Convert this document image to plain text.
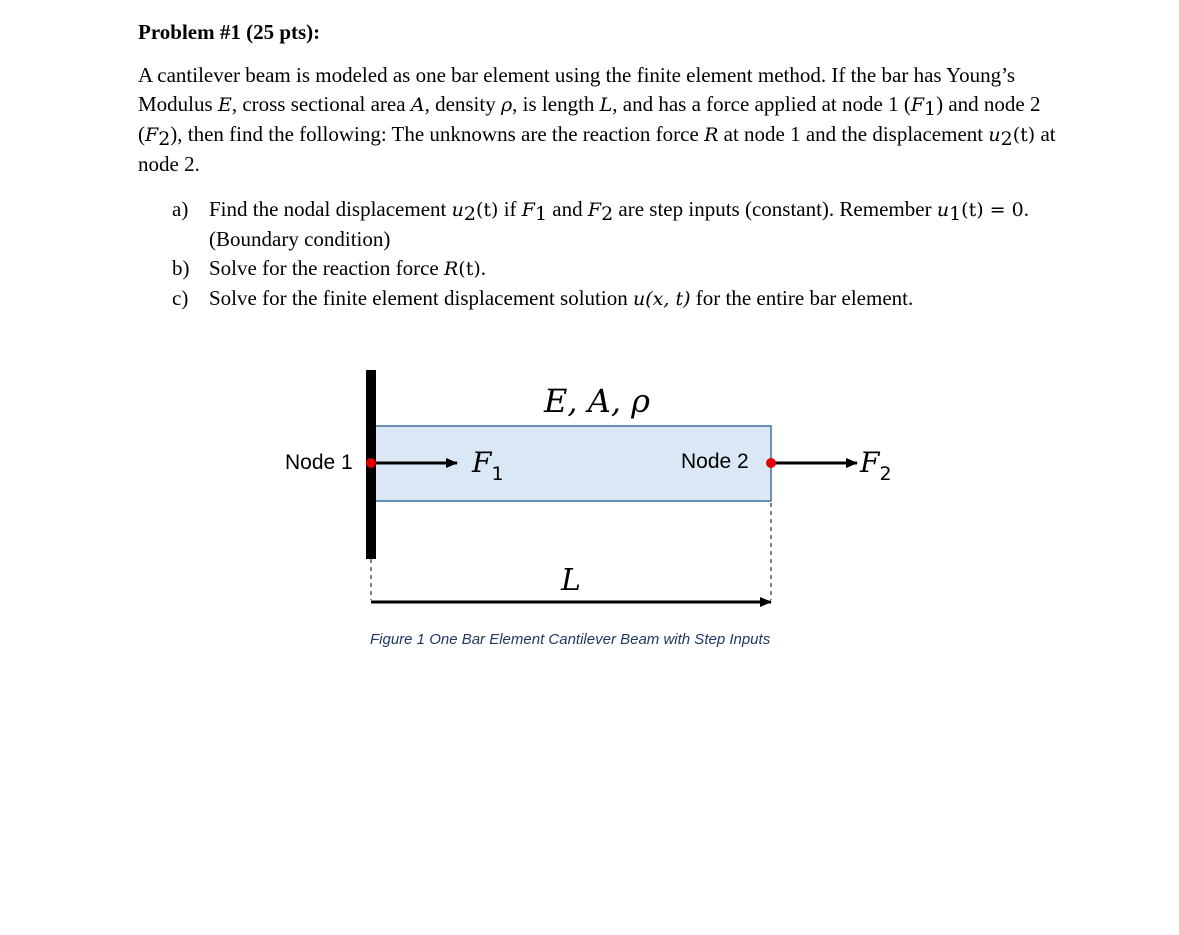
Problem #1 (25 pts):
A cantilever beam is modeled as one bar element using the finite element method. If the bar has Young’s Modulus E, cross sectional area A, density ρ, is length L, and has a force applied at node 1 $(F_1)$ and node 2 $(F_2)$, then find the following: The unknowns are the reaction force R at node 1 and the displacement $u_2(t)$ at node 2.
a) Find the nodal displacement $u_2(t)$ if $F_1$ and $F_2$ are step inputs (constant). Remember $u_1(t) = 0$. (Boundary condition)
b) Solve for the reaction force R(t).
c) Solve for the finite element displacement solution u(x, t) for the entire bar element.
E, A, ρ
Node 1	Node 2
$F_1$	$F_2$
L
Figure 1 One Bar Element Cantilever Beam with Step Inputs
